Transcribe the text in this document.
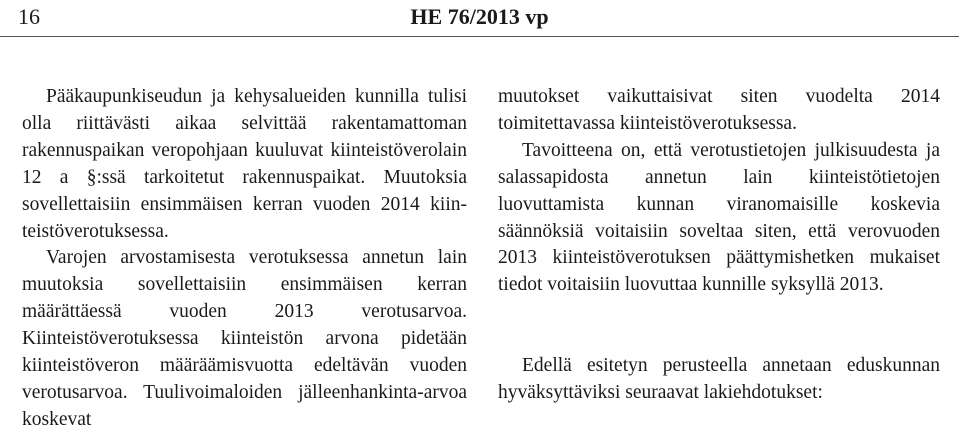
16	HE 76/2013 vp

Pääkaupunkiseudun ja kehysalueiden kunnilla tulisi olla riittävästi aikaa selvittää rakentamattoman rakennuspaikan veropohjaan kuuluvat kiinteistöverolain 12 a §:ssä tarkoitetut rakennuspaikat. Muutoksia sovellettaisiin ensimmäisen kerran vuoden 2014 kiinteistöverotuksessa.

Varojen arvostamisesta verotuksessa annetun lain muutoksia sovellettaisiin ensimmäisen kerran määrättäessä vuoden 2013 verotusarvoa. Kiinteistöverotuksessa kiinteistön arvona pidetään kiinteistöveron määräämisvuotta edeltävän vuoden verotusarvoa. Tuulivoimaloiden jälleenhankinta-arvoa koskevat

muutokset vaikuttaisivat siten vuodelta 2014 toimitettavassa kiinteistöverotuksessa.

Tavoitteena on, että verotustietojen julkisuudesta ja salassapidosta annetun lain kiinteistötietojen luovuttamista kunnan viranomaisille koskevia säännöksiä voitaisiin soveltaa siten, että verovuoden 2013 kiinteistöverotuksen päättymishetken mukaiset tiedot voitaisiin luovuttaa kunnille syksyllä 2013.

Edellä esitetyn perusteella annetaan eduskunnan hyväksyttäviksi seuraavat lakiehdotukset:
